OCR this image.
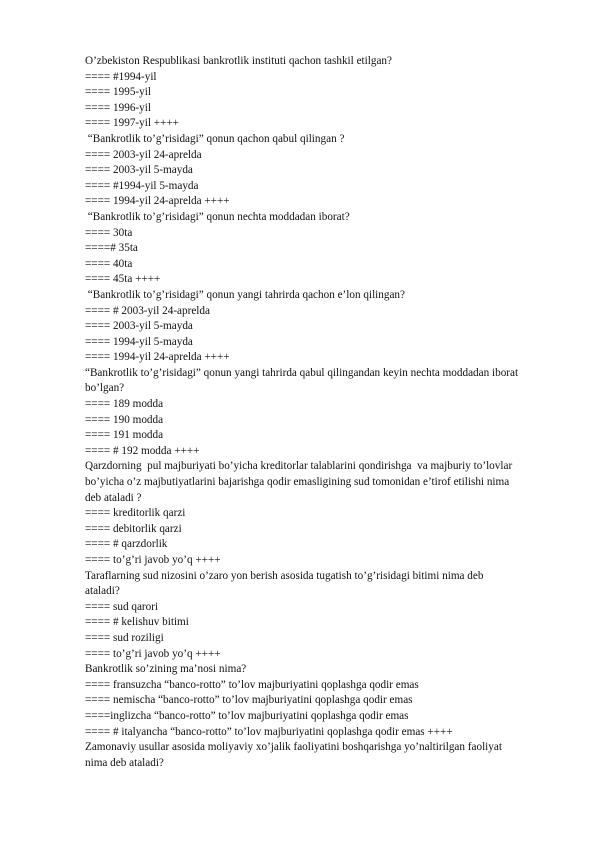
O’zbekiston Respublikasi bankrotlik instituti qachon tashkil etilgan?

==== #1994-yil

==== 1995-yil

==== 1996-yil

==== 1997-yil ++++

“Bankrotlik to’g’risidagi” qonun qachon qabul qilingan ?

==== 2003-yil 24-aprelda

==== 2003-yil 5-mayda

==== #1994-yil 5-mayda

==== 1994-yil 24-aprelda ++++

“Bankrotlik to’g’risidagi” qonun nechta moddadan iborat?

==== 30ta

====# 35ta

==== 40ta

==== 45ta ++++

“Bankrotlik to’g’risidagi” qonun yangi tahrirda qachon e’lon qilingan?

==== # 2003-yil 24-aprelda

==== 2003-yil 5-mayda

==== 1994-yil 5-mayda

==== 1994-yil 24-aprelda ++++

“Bankrotlik to’g’risidagi” qonun yangi tahrirda qabul qilingandan keyin nechta moddadan iborat

bo’lgan?

==== 189 modda

==== 190 modda

==== 191 modda

==== # 192 modda ++++

Qarzdorning  pul majburiyati bo’yicha kreditorlar talablarini qondirishga  va majburiy to’lovlar

bo’yicha o’z majbutiyatlarini bajarishga qodir emasligining sud tomonidan e’tirof etilishi nima

deb ataladi ?

==== kreditorlik qarzi

==== debitorlik qarzi

==== # qarzdorlik

==== to’g’ri javob yo’q ++++

Taraflarning sud nizosini o’zaro yon berish asosida tugatish to’g’risidagi bitimi nima deb

ataladi?

==== sud qarori

==== # kelishuv bitimi

==== sud roziligi

==== to’g’ri javob yo’q ++++

Bankrotlik so’zining ma’nosi nima?

==== fransuzcha “banco-rotto” to’lov majburiyatini qoplashga qodir emas

==== nemischa “banco-rotto” to’lov majburiyatini qoplashga qodir emas

====inglizcha “banco-rotto” to’lov majburiyatini qoplashga qodir emas

==== # italyancha “banco-rotto” to’lov majburiyatini qoplashga qodir emas ++++

Zamonaviy usullar asosida moliyaviy xo’jalik faoliyatini boshqarishga yo’naltirilgan faoliyat

nima deb ataladi?
